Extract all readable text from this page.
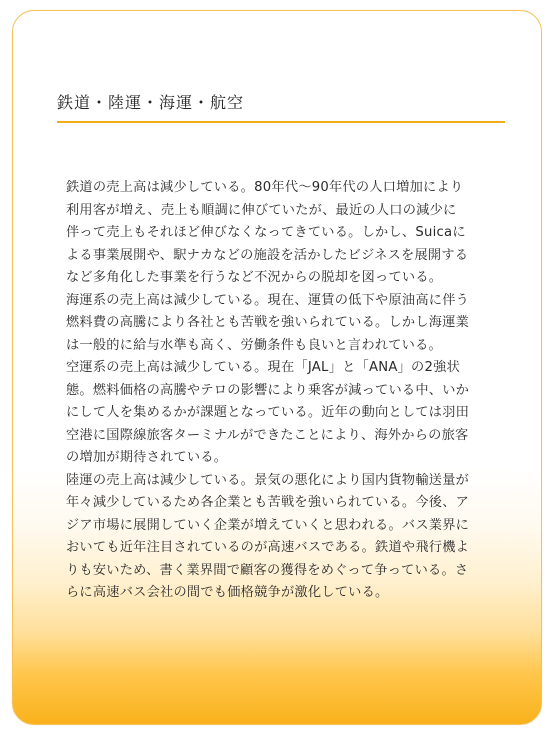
鉄道・陸運・海運・航空
鉄道の売上高は減少している。80年代〜90年代の人口増加により
利用客が増え、売上も順調に伸びていたが、最近の人口の減少に
伴って売上もそれほど伸びなくなってきている。しかし、Suicaに
よる事業展開や、駅ナカなどの施設を活かしたビジネスを展開する
など多角化した事業を行うなど不況からの脱却を図っている。
海運系の売上高は減少している。現在、運賃の低下や原油高に伴う
燃料費の高騰により各社とも苦戦を強いられている。しかし海運業
は一般的に給与水準も高く、労働条件も良いと言われている。
空運系の売上高は減少している。現在「JAL」と「ANA」の2強状
態。燃料価格の高騰やテロの影響により乗客が減っている中、いか
にして人を集めるかが課題となっている。近年の動向としては羽田
空港に国際線旅客ターミナルができたことにより、海外からの旅客
の増加が期待されている。
陸運の売上高は減少している。景気の悪化により国内貨物輸送量が
年々減少しているため各企業とも苦戦を強いられている。今後、ア
ジア市場に展開していく企業が増えていくと思われる。バス業界に
おいても近年注目されているのが高速バスである。鉄道や飛行機よ
りも安いため、書く業界間で顧客の獲得をめぐって争っている。さ
らに高速バス会社の間でも価格競争が激化している。
